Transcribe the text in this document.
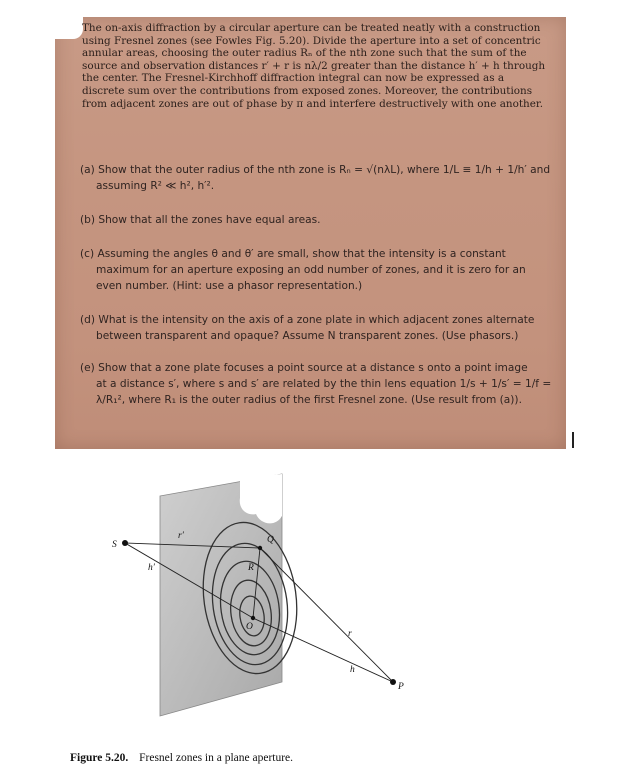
The on-axis diffraction by a circular aperture can be treated neatly with a construction using Fresnel zones (see Fowles Fig. 5.20). Divide the aperture into a set of concentric annular areas, choosing the outer radius Rₙ of the nth zone such that the sum of the source and observation distances r′ + r is nλ/2 greater than the distance h′ + h through the center. The Fresnel-Kirchhoff diffraction integral can now be expressed as a discrete sum over the contributions from exposed zones. Moreover, the contributions from adjacent zones are out of phase by π and interfere destructively with one another.

(a) Show that the outer radius of the nth zone is Rₙ = √(nλL), where 1/L ≡ 1/h + 1/h′ and
assuming R² ≪ h², h′².

(b) Show that all the zones have equal areas.

(c) Assuming the angles θ and θ′ are small, show that the intensity is a constant
maximum for an aperture exposing an odd number of zones, and it is zero for an even number. (Hint: use a phasor representation.)

(d) What is the intensity on the axis of a zone plate in which adjacent zones alternate
between transparent and opaque? Assume N transparent zones. (Use phasors.)

(e) Show that a zone plate focuses a point source at a distance s onto a point image
at a distance s′, where s and s′ are related by the thin lens equation 1/s + 1/s′ = 1/f = λ/R₁², where R₁ is the outer radius of the first Fresnel zone. (Use result from (a)).

S	Q
O
P
R
r′
h′
r
h
Figure 5.20. Fresnel zones in a plane aperture.
